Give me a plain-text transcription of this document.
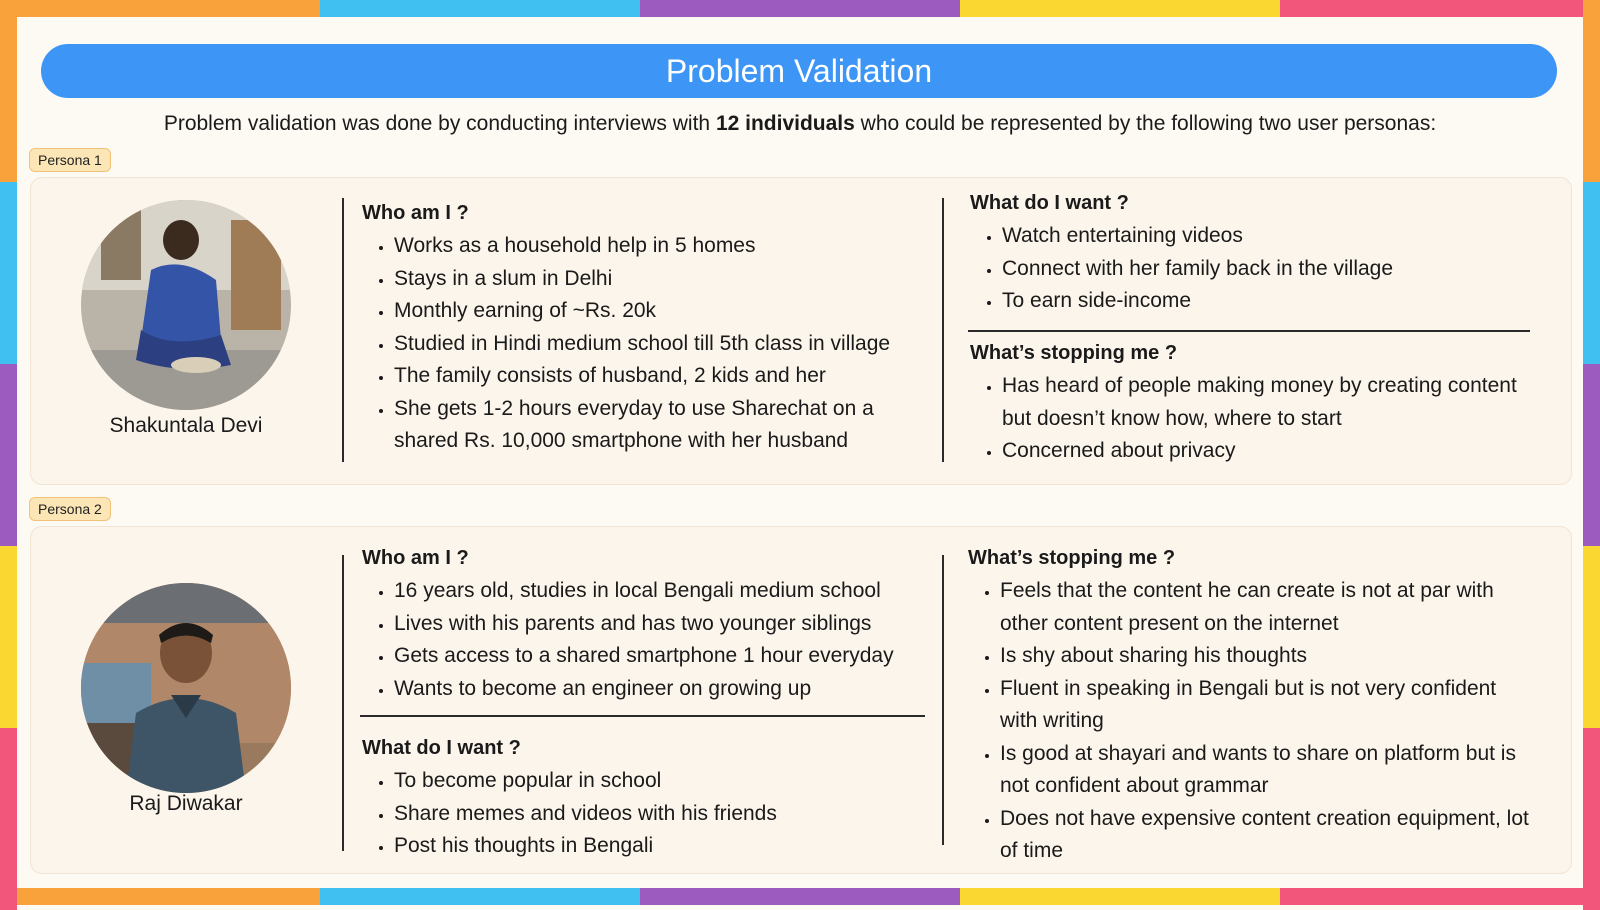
Problem Validation
Problem validation was done by conducting interviews with 12 individuals who could be represented by the following two user personas:
Persona 1
Shakuntala Devi
Who am I ?
• Works as a household help in 5 homes
• Stays in a slum in Delhi
• Monthly earning of ~Rs. 20k
• Studied in Hindi medium school till 5th class in village
• The family consists of husband, 2 kids and her
• She gets 1-2 hours everyday to use Sharechat on a shared Rs. 10,000 smartphone with her husband
What do I want ?
• Watch entertaining videos
• Connect with her family back in the village
• To earn side-income
What’s stopping me ?
• Has heard of people making money by creating content but doesn’t know how, where to start
• Concerned about privacy
Persona 2
Raj Diwakar
Who am I ?
• 16 years old, studies in local Bengali medium school
• Lives with his parents and has two younger siblings
• Gets access to a shared smartphone 1 hour everyday
• Wants to become an engineer on growing up
What do I want ?
• To become popular in school
• Share memes and videos with his friends
• Post his thoughts in Bengali
What’s stopping me ?
• Feels that the content he can create is not at par with other content present on the internet
• Is shy about sharing his thoughts
• Fluent in speaking in Bengali but is not very confident with writing
• Is good at shayari and wants to share on platform but is not confident about grammar
• Does not have expensive content creation equipment, lot of time
